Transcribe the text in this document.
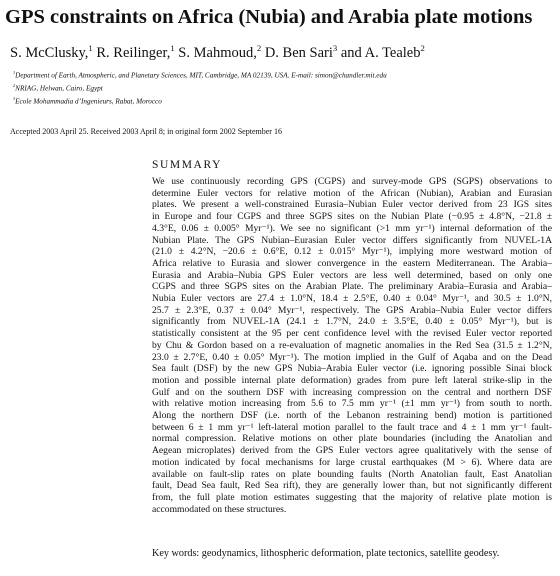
GPS constraints on Africa (Nubia) and Arabia plate motions
S. McClusky,$^1$ R. Reilinger,$^1$ S. Mahmoud,$^2$ D. Ben Sari$^3$ and A. Tealeb$^2$
$^1$Department of Earth, Atmospheric, and Planetary Sciences, MIT, Cambridge, MA 02139, USA. E-mail: simon@chandler.mit.edu
$^2$NRIAG, Helwan, Cairo, Egypt
$^3$Ecole Mohammadia d’Ingenieurs, Rabat, Morocco
Accepted 2003 April 25. Received 2003 April 8; in original form 2002 September 16
SUMMARY
We use continuously recording GPS (CGPS) and survey-mode GPS (SGPS) observations to
determine Euler vectors for relative motion of the African (Nubian), Arabian and Eurasian
plates. We present a well-constrained Eurasia–Nubian Euler vector derived from 23 IGS sites
in Europe and four CGPS and three SGPS sites on the Nubian Plate (−0.95 ± 4.8°N, −21.8 ±
4.3°E, 0.06 ± 0.005° Myr⁻¹). We see no significant (>1 mm yr⁻¹) internal deformation of the
Nubian Plate. The GPS Nubian–Eurasian Euler vector differs significantly from NUVEL-1A
(21.0 ± 4.2°N, −20.6 ± 0.6°E, 0.12 ± 0.015° Myr⁻¹), implying more westward motion of
Africa relative to Eurasia and slower convergence in the eastern Mediterranean. The Arabia–
Eurasia and Arabia–Nubia GPS Euler vectors are less well determined, based on only one
CGPS and three SGPS sites on the Arabian Plate. The preliminary Arabia–Eurasia and Arabia–
Nubia Euler vectors are 27.4 ± 1.0°N, 18.4 ± 2.5°E, 0.40 ± 0.04° Myr⁻¹, and 30.5 ± 1.0°N,
25.7 ± 2.3°E, 0.37 ± 0.04° Myr⁻¹, respectively. The GPS Arabia–Nubia Euler vector differs
significantly from NUVEL-1A (24.1 ± 1.7°N, 24.0 ± 3.5°E, 0.40 ± 0.05° Myr⁻¹), but is
statistically consistent at the 95 per cent confidence level with the revised Euler vector reported
by Chu & Gordon based on a re-evaluation of magnetic anomalies in the Red Sea (31.5 ± 1.2°N,
23.0 ± 2.7°E, 0.40 ± 0.05° Myr⁻¹). The motion implied in the Gulf of Aqaba and on the Dead
Sea fault (DSF) by the new GPS Nubia–Arabia Euler vector (i.e. ignoring possible Sinai block
motion and possible internal plate deformation) grades from pure left lateral strike-slip in the
Gulf and on the southern DSF with increasing compression on the central and northern DSF
with relative motion increasing from 5.6 to 7.5 mm yr⁻¹ (±1 mm yr⁻¹) from south to north.
Along the northern DSF (i.e. north of the Lebanon restraining bend) motion is partitioned
between 6 ± 1 mm yr⁻¹ left-lateral motion parallel to the fault trace and 4 ± 1 mm yr⁻¹ fault-
normal compression. Relative motions on other plate boundaries (including the Anatolian and
Aegean microplates) derived from the GPS Euler vectors agree qualitatively with the sense of
motion indicated by focal mechanisms for large crustal earthquakes (M > 6). Where data are
available on fault-slip rates on plate bounding faults (North Anatolian fault, East Anatolian
fault, Dead Sea fault, Red Sea rift), they are generally lower than, but not significantly different
from, the full plate motion estimates suggesting that the majority of relative plate motion is
accommodated on these structures.
Key words: geodynamics, lithospheric deformation, plate tectonics, satellite geodesy.
